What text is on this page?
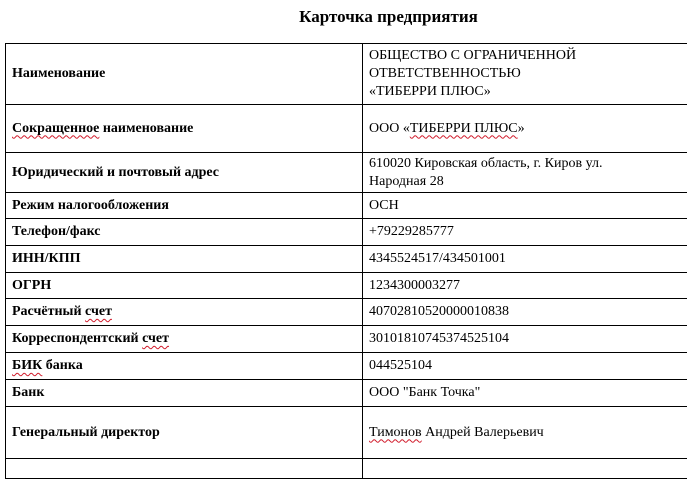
Карточка предприятия
Наименование	ОБЩЕСТВО С ОГРАНИЧЕННОЙ
ОТВЕТСТВЕННОСТЬЮ
«ТИБЕРРИ ПЛЮС»
Сокращенное наименование	ООО «ТИБЕРРИ ПЛЮС»
Юридический и почтовый адрес	610020 Кировская область, г. Киров ул.
Народная 28
Режим налогообложения	ОСН
Телефон/факс	+79229285777
ИНН/КПП	4345524517/434501001
ОГРН	1234300003277
Расчётный счет	40702810520000010838
Корреспондентский счет	30101810745374525104
БИК банка	044525104
Банк	ООО "Банк Точка"
Генеральный директор	Тимонов Андрей Валерьевич
